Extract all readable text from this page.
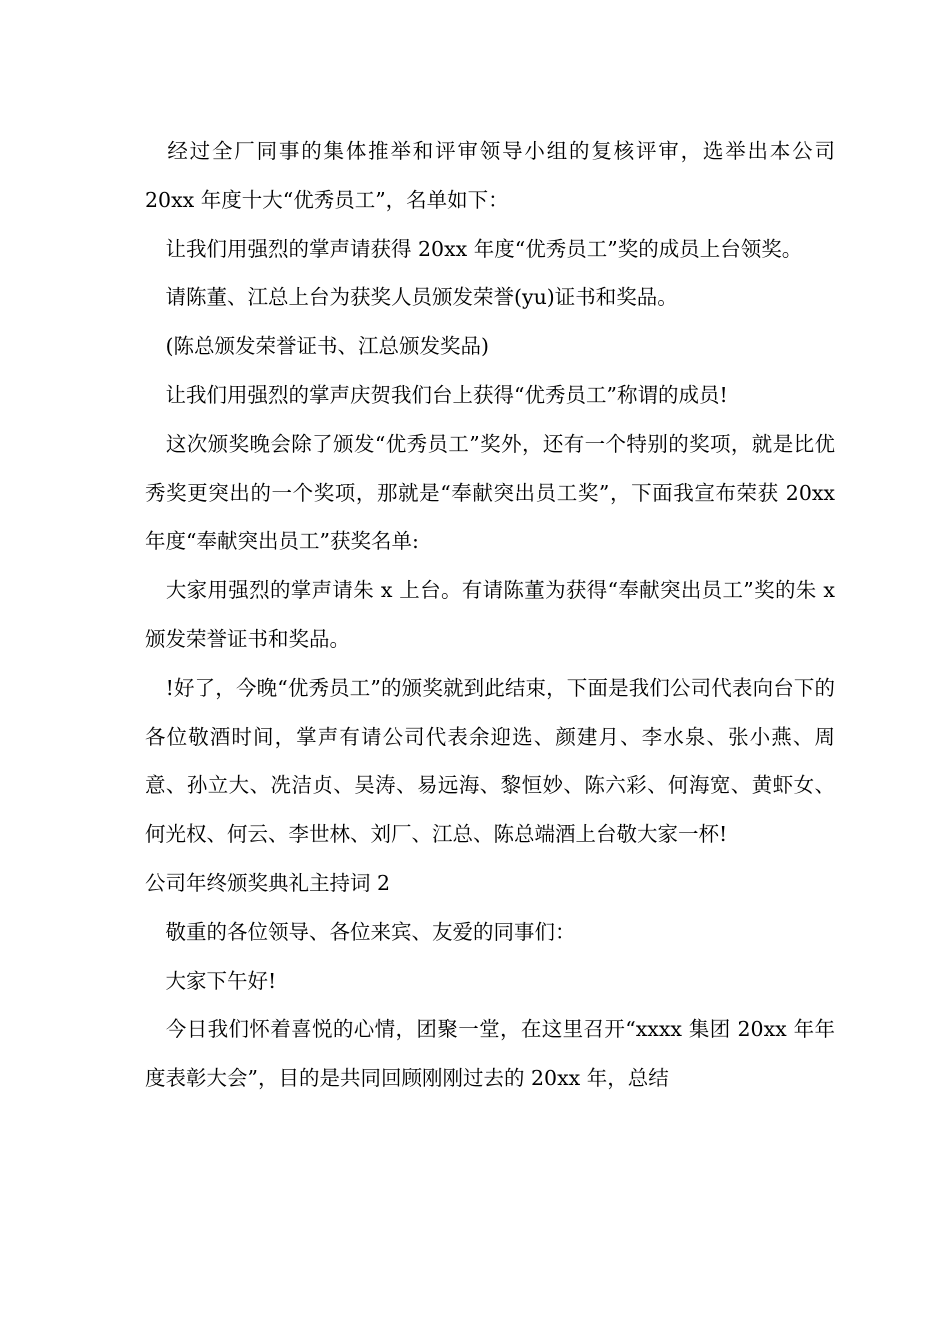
　经过全厂同事的集体推举和评审领导小组的复核评审，选举出本公司 20xx 年度十大“优秀员工”，名单如下：

　让我们用强烈的掌声请获得 20xx 年度“优秀员工”奖的成员上台领奖。

　请陈董、江总上台为获奖人员颁发荣誉(yu)证书和奖品。

　(陈总颁发荣誉证书、江总颁发奖品)

　让我们用强烈的掌声庆贺我们台上获得“优秀员工”称谓的成员!

　这次颁奖晚会除了颁发“优秀员工”奖外，还有一个特别的奖项，就是比优秀奖更突出的一个奖项，那就是“奉献突出员工奖”，下面我宣布荣获 20xx 年度“奉献突出员工”获奖名单:

　大家用强烈的掌声请朱 x 上台。有请陈董为获得“奉献突出员工”奖的朱 x 颁发荣誉证书和奖品。

　!好了，今晚“优秀员工”的颁奖就到此结束，下面是我们公司代表向台下的各位敬酒时间，掌声有请公司代表余迎选、颜建月、李水泉、张小燕、周意、孙立大、冼洁贞、吴涛、易远海、黎恒妙、陈六彩、何海宽、黄虾女、何光权、何云、李世林、刘厂、江总、陈总端酒上台敬大家一杯!

公司年终颁奖典礼主持词 2

　敬重的各位领导、各位来宾、友爱的同事们：

　大家下午好!

　今日我们怀着喜悦的心情，团聚一堂，在这里召开“xxxx 集团 20xx 年年度表彰大会”，目的是共同回顾刚刚过去的 20xx 年，总结
